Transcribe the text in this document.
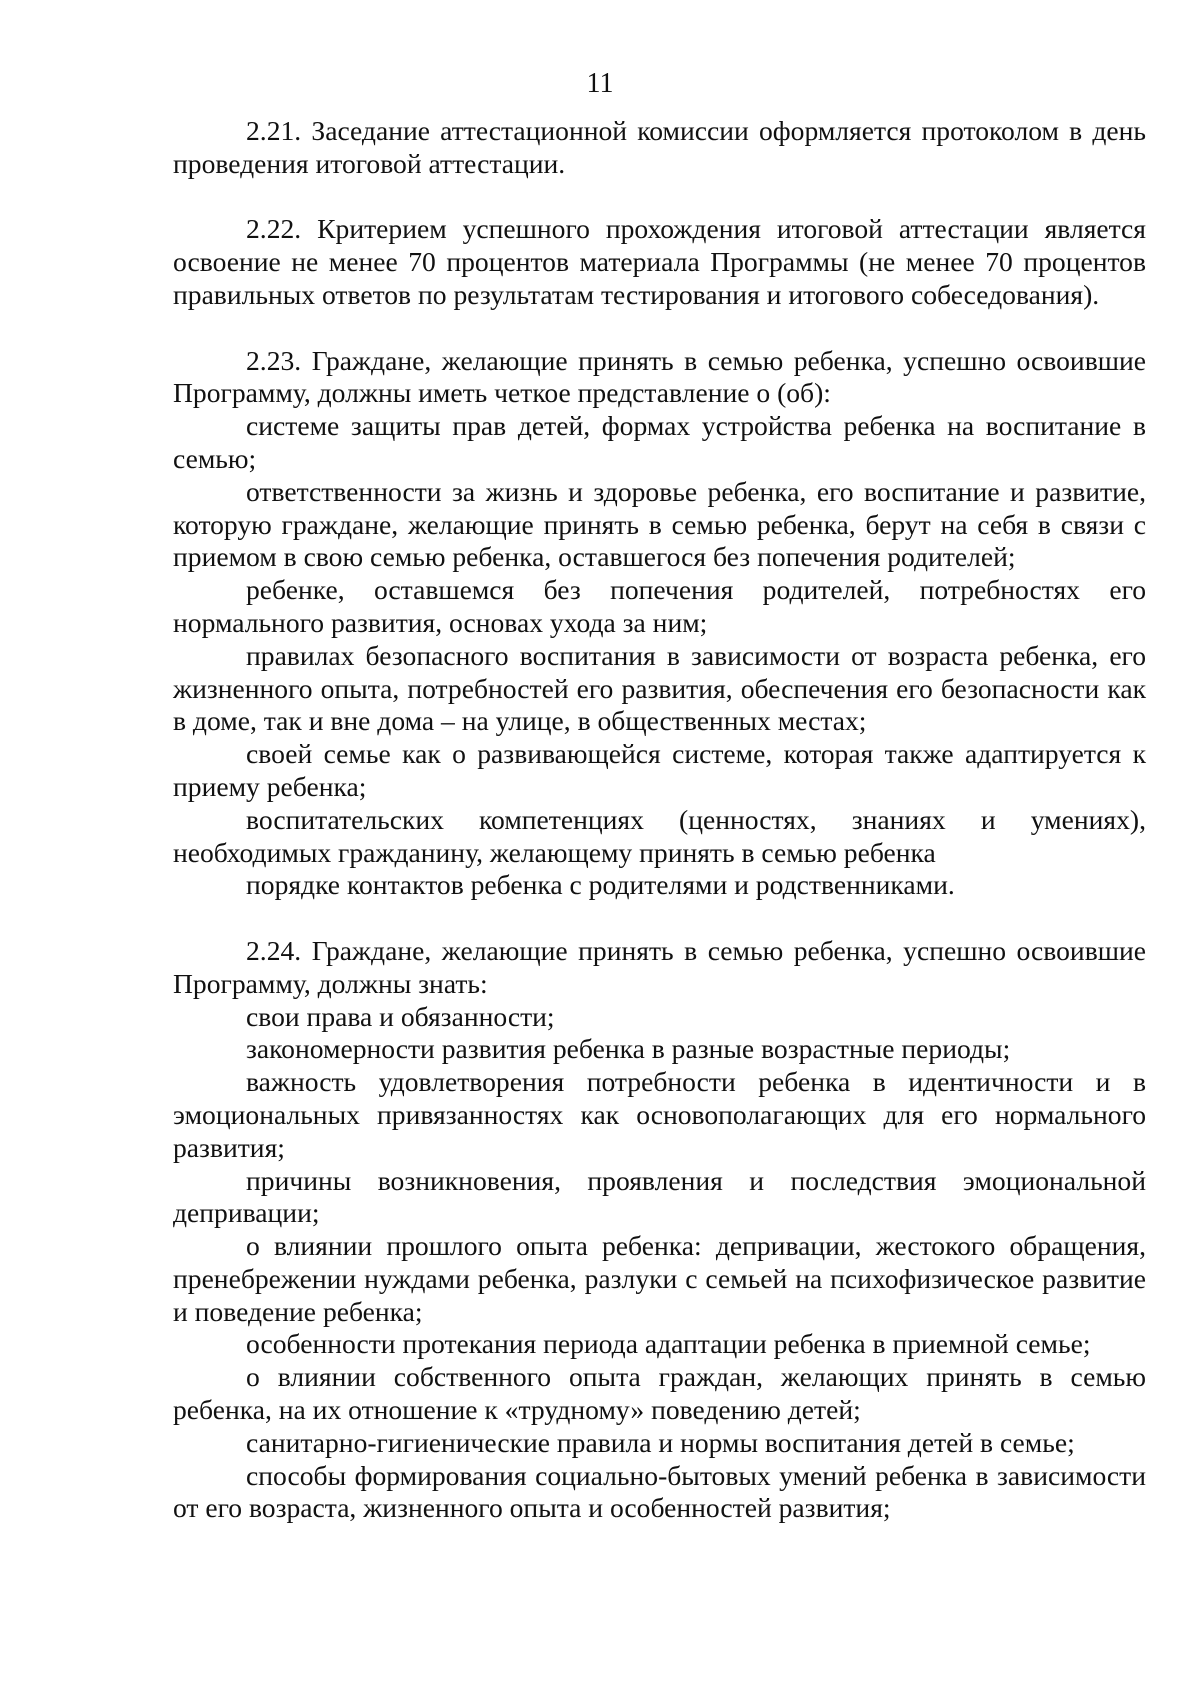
11

2.21. Заседание аттестационной комиссии оформляется протоколом в день проведения итоговой аттестации.

2.22. Критерием успешного прохождения итоговой аттестации является освоение не менее 70 процентов материала Программы (не менее 70 процентов правильных ответов по результатам тестирования и итогового собеседования).

2.23. Граждане, желающие принять в семью ребенка, успешно освоившие Программу, должны иметь четкое представление о (об):

системе защиты прав детей, формах устройства ребенка на воспитание в семью;

ответственности за жизнь и здоровье ребенка, его воспитание и развитие, которую граждане, желающие принять в семью ребенка, берут на себя в связи с приемом в свою семью ребенка, оставшегося без попечения родителей;

ребенке, оставшемся без попечения родителей, потребностях его нормального развития, основах ухода за ним;

правилах безопасного воспитания в зависимости от возраста ребенка, его жизненного опыта, потребностей его развития, обеспечения его безопасности как в доме, так и вне дома – на улице, в общественных местах;

своей семье как о развивающейся системе, которая также адаптируется к приему ребенка;

воспитательских компетенциях (ценностях, знаниях и умениях), необходимых гражданину, желающему принять в семью ребенка

порядке контактов ребенка с родителями и родственниками.

2.24. Граждане, желающие принять в семью ребенка, успешно освоившие Программу, должны знать:

свои права и обязанности;

закономерности развития ребенка в разные возрастные периоды;

важность удовлетворения потребности ребенка в идентичности и в эмоциональных привязанностях как основополагающих для его нормального развития;

причины возникновения, проявления и последствия эмоциональной депривации;

о влиянии прошлого опыта ребенка: депривации, жестокого обращения, пренебрежении нуждами ребенка, разлуки с семьей на психофизическое развитие и поведение ребенка;

особенности протекания периода адаптации ребенка в приемной семье;

о влиянии собственного опыта граждан, желающих принять в семью ребенка, на их отношение к «трудному» поведению детей;

санитарно-гигиенические правила и нормы воспитания детей в семье;

способы формирования социально-бытовых умений ребенка в зависимости от его возраста, жизненного опыта и особенностей развития;
